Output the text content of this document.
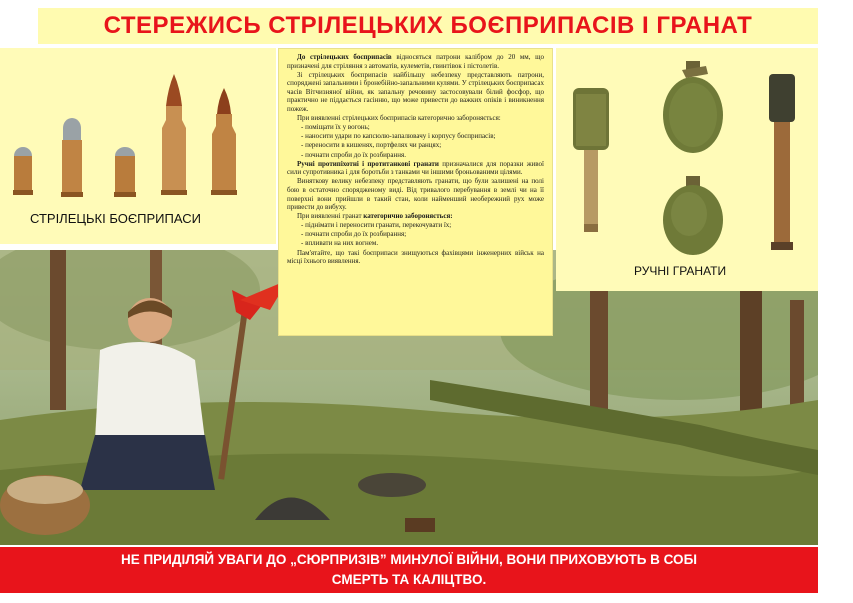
СТЕРЕЖИСЬ СТРІЛЕЦЬКИХ БОЄПРИПАСІВ І ГРАНАТ
СТРІЛЕЦЬКІ БОЄПРИПАСИ
РУЧНІ ГРАНАТИ

До стрілецьких боєприпасів відносяться патрони калібром до 20 мм, що призначені для стріляння з автоматів, кулеметів, гвинтівок і пістолетів.

Зі стрілецьких боєприпасів найбільшу небезпеку представляють патрони, споряджені запальними і бронебійно-запальними кулями. У стрілецьких боєприпасах часів Вітчизняної війни, як запальну речовину застосовували білий фосфор, що практично не піддається гасінню, що може привести до важких опіків і виникнення пожеж.

При виявленні стрілецьких боєприпасів категорично забороняється:

- поміщати їх у вогонь;

- наносити удари по капсюлю-запалювачу і корпусу боєприпасів;

- переносити в кишенях, портфелях чи ранцях;

- почнати спроби до їх розбирання.

Ручні протипіхотні і протитанкові гранати призначалися для поразки живої сили супротивника і для боротьби з танками чи іншими броньованими цілями.

Виняткову велику небезпеку представляють гранати, що були залишені на полі бою в остаточно спорядженому виді. Від тривалого перебування в землі чи на її поверхні вони прийшли в такий стан, коли найменший необережний рух може привести до вибуху.

При виявленні гранат категорично забороняється:

- піднімати і переносити гранати, перекочувати їх;

- почнати спроби до їх розбирання;

- впливати на них вогнем.

Пам'ятайте, що такі боєприпаси знищуються фахівцями інженерних військ на місці їхнього виявлення.

НЕ ПРИДІЛЯЙ УВАГИ ДО „СЮРПРИЗІВ” МИНУЛОЇ ВІЙНИ, ВОНИ ПРИХОВУЮТЬ В СОБІ
СМЕРТЬ ТА КАЛІЦТВО.
